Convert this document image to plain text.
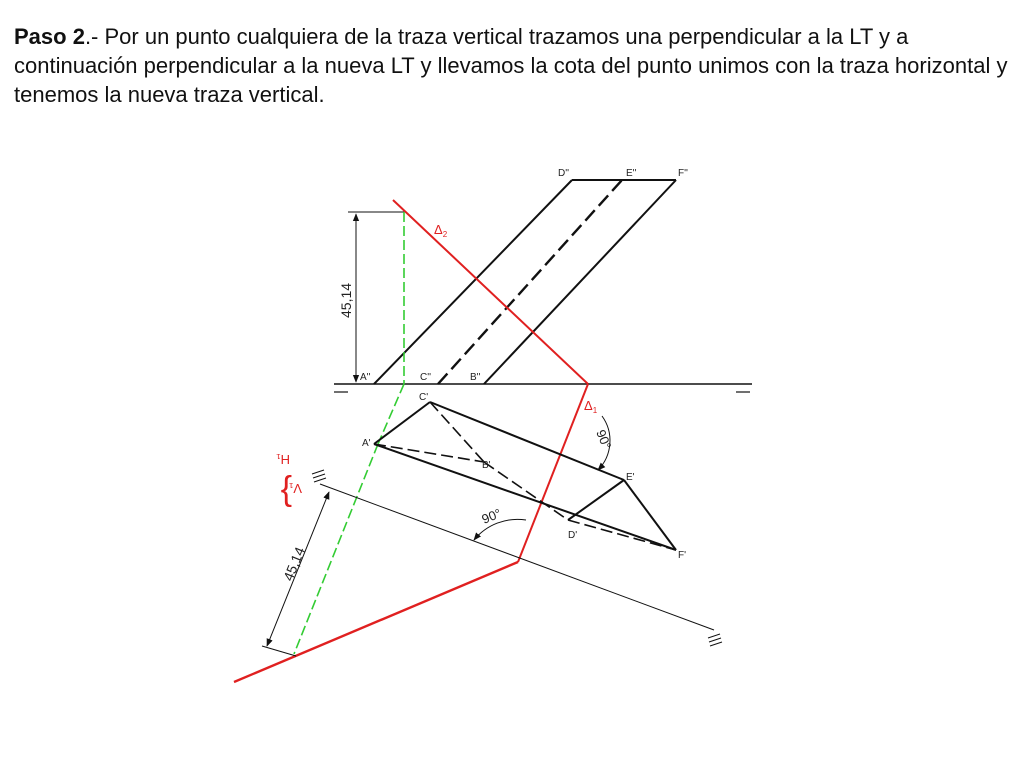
Paso 2.- Por un punto cualquiera de la traza vertical trazamos una perpendicular a la LT y a continuación perpendicular a la nueva LT y llevamos la cota del punto unimos con la traza horizontal y tenemos la nueva traza vertical.

45,14
Δ2
Δ1
45,14
90°
90°
}
V₁
H₁
D''	E''	F''
A''	C''	B''
C'
A'
B'
E'
D'
F'
